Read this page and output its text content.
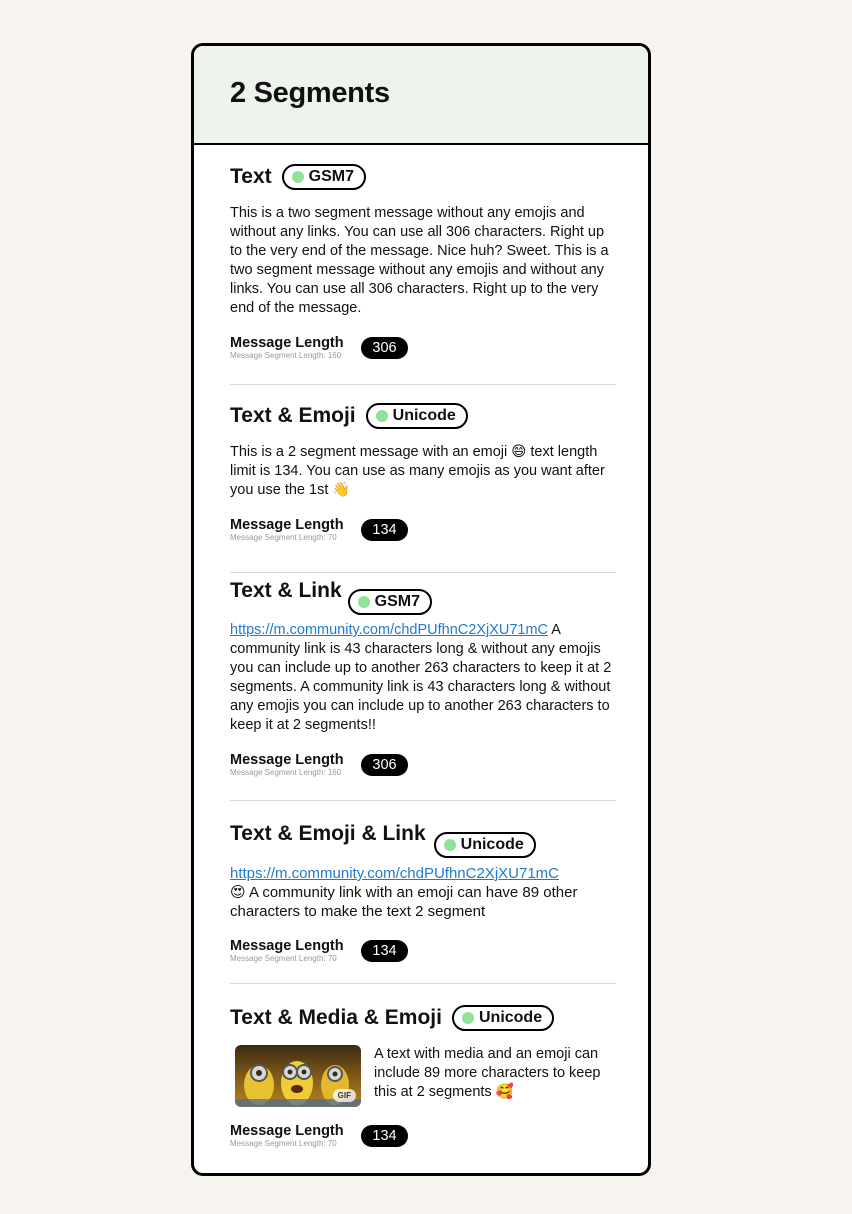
2 Segments
Text GSM7
This is a two segment message without any emojis and without any links. You can use all 306 characters. Right up to the very end of the message. Nice huh? Sweet. This is a two segment message without any emojis and without any links. You can use all 306 characters. Right up to the very end of the message.
Message Length
Message Segment Length: 160	306
Text & Emoji Unicode
This is a 2 segment message with an emoji 😄 text length limit is 134. You can use as many emojis as you want after you use the 1st 👋
Message Length
Message Segment Length: 70	134
Text & Link GSM7
https://m.community.com/chdPUfhnC2XjXU71mC A community link is 43 characters long & without any emojis you can include up to another 263 characters to keep it at 2 segments. A community link is 43 characters long & without any emojis you can include up to another 263 characters to keep it at 2 segments!!
Message Length
Message Segment Length: 160	306
Text & Emoji & Link Unicode
https://m.community.com/chdPUfhnC2XjXU71mC
😍 A community link with an emoji can have 89 other characters to make the text 2 segment
Message Length
Message Segment Length: 70	134
Text & Media & Emoji Unicode
GIF
A text with media and an emoji can include 89 more characters to keep this at 2 segments 🥰
Message Length
Message Segment Length: 70	134
